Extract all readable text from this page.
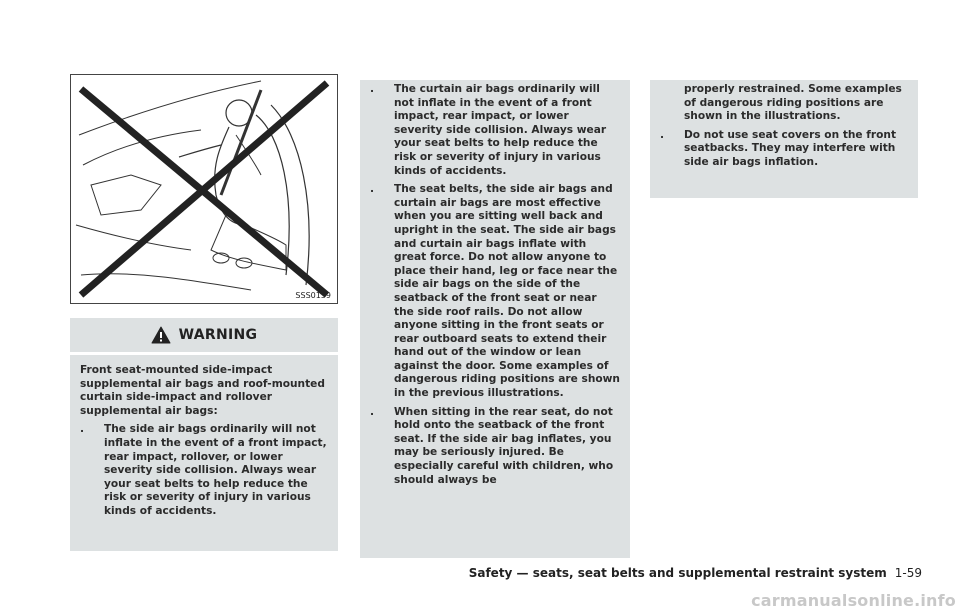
SSS0159
WARNING

Front seat-mounted side-impact supplemental air bags and roof-mounted curtain side-impact and rollover supplemental air bags:

. The side air bags ordinarily will not inflate in the event of a front impact, rear impact, rollover, or lower severity side collision. Always wear your seat belts to help reduce the risk or severity of injury in various kinds of accidents.
. The curtain air bags ordinarily will not inflate in the event of a front impact, rear impact, or lower severity side collision. Always wear your seat belts to help reduce the risk or severity of injury in various kinds of accidents.
. The seat belts, the side air bags and curtain air bags are most effective when you are sitting well back and upright in the seat. The side air bags and curtain air bags inflate with great force. Do not allow anyone to place their hand, leg or face near the side air bags on the side of the seatback of the front seat or near the side roof rails. Do not allow anyone sitting in the front seats or rear outboard seats to extend their hand out of the window or lean against the door. Some examples of dangerous riding positions are shown in the previous illustrations.
. When sitting in the rear seat, do not hold onto the seatback of the front seat. If the side air bag inflates, you may be seriously injured. Be especially careful with children, who should always be

properly restrained. Some examples of dangerous riding positions are shown in the illustrations.

. Do not use seat covers on the front seatbacks. They may interfere with side air bags inflation.
Safety — seats, seat belts and supplemental restraint system 1-59
carmanualsonline.info
